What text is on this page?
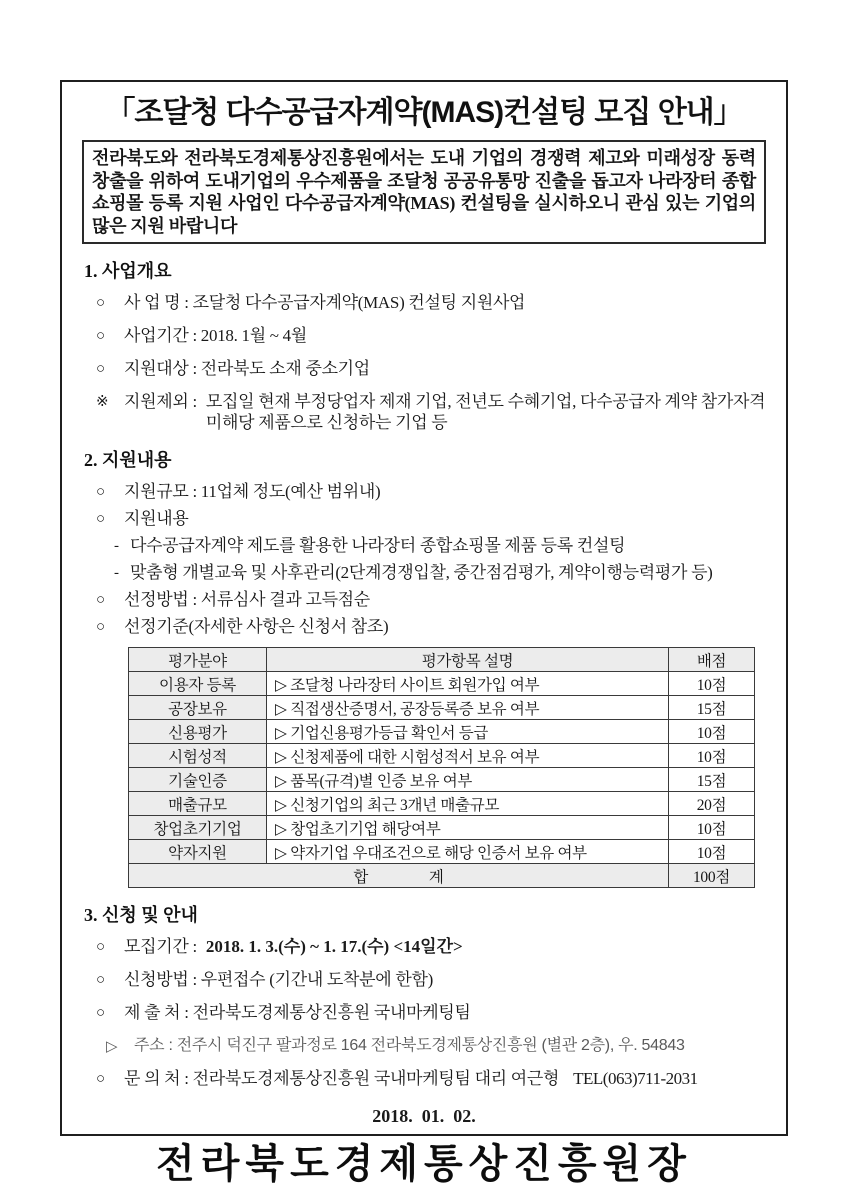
「조달청 다수공급자계약(MAS)컨설팅 모집 안내」
전라북도와 전라북도경제통상진흥원에서는 도내 기업의 경쟁력 제고와 미래성장 동력 창출을 위하여 도내기업의 우수제품을 조달청 공공유통망 진출을 돕고자 나라장터 종합쇼핑몰 등록 지원 사업인 다수공급자계약(MAS) 컨설팅을 실시하오니 관심 있는 기업의 많은 지원 바랍니다
1. 사업개요
○	사 업 명 : 조달청 다수공급자계약(MAS) 컨설팅 지원사업
○	사업기간 : 2018. 1월 ~ 4월
○	지원대상 : 전라북도 소재 중소기업
※ 지원제외 : 모집일 현재 부정당업자 제재 기업, 전년도 수혜기업, 다수공급자 계약 참가자격 미해당 제품으로 신청하는 기업 등
2. 지원내용
○	지원규모 : 11업체 정도(예산 범위내)
○	지원내용
- 다수공급자계약 제도를 활용한 나라장터 종합쇼핑몰 제품 등록 컨설팅
- 맞춤형 개별교육 및 사후관리(2단계경쟁입찰, 중간점검평가, 계약이행능력평가 등)
○	선정방법 : 서류심사 결과 고득점순
○	선정기준(자세한 사항은 신청서 참조)
평가분야	평가항목 설명	배점
이용자 등록	▷ 조달청 나라장터 사이트 회원가입 여부	10점
공장보유	▷ 직접생산증명서, 공장등록증 보유 여부	15점
신용평가	▷ 기업신용평가등급 확인서 등급	10점
시험성적	▷ 신청제품에 대한 시험성적서 보유 여부	10점
기술인증	▷ 품목(규격)별 인증 보유 여부	15점
매출규모	▷ 신청기업의 최근 3개년 매출규모	20점
창업초기기업	▷ 창업초기기업 해당여부	10점
약자지원	▷ 약자기업 우대조건으로 해당 인증서 보유 여부	10점
합    계		100점
3. 신청 및 안내
○	모집기간 : 2018. 1. 3.(수) ~ 1. 17.(수) <14일간>
○	신청방법 : 우편접수 (기간내 도착분에 한함)
○	제 출 처 : 전라북도경제통상진흥원 국내마케팅팀
▷	주소 : 전주시 덕진구 팔과정로 164 전라북도경제통상진흥원 (별관 2층), 우. 54843
○	문 의 처 : 전라북도경제통상진흥원 국내마케팅팀 대리 여근형 TEL(063)711-2031
2018.  01.  02.
전라북도경제통상진흥원장
